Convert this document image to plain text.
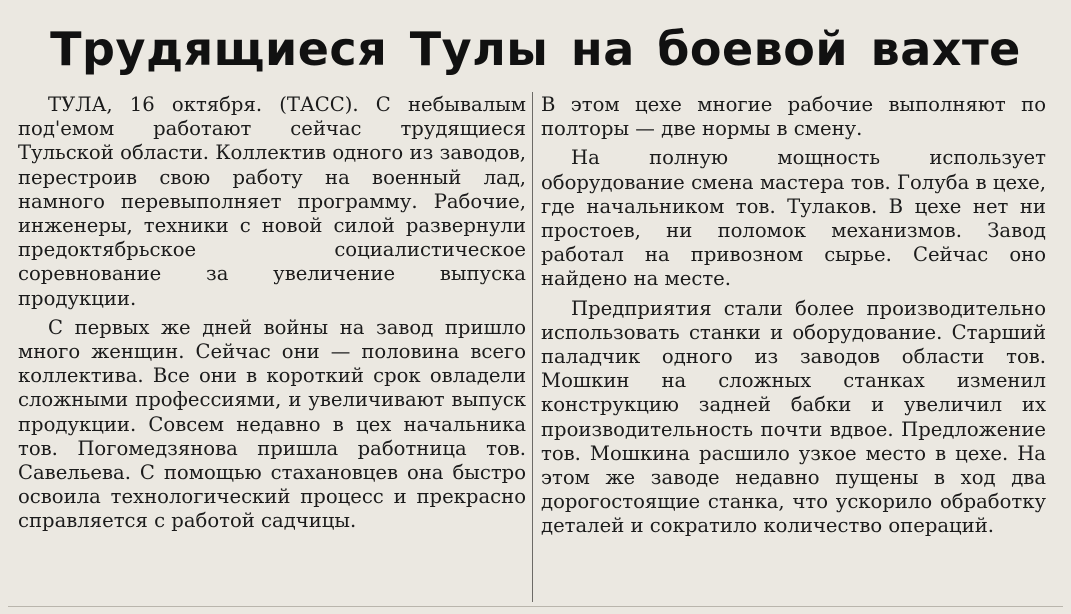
Трудящиеся Тулы на боевой вахте

ТУЛА, 16 октября. (ТАСС). С небывалым под'емом работают сейчас трудящиеся Тульской области. Коллектив одного из заводов, перестроив свою работу на военный лад, намного перевыполняет программу. Рабочие, инженеры, техники с новой силой развернули предоктябрьское социалистическое соревнование за увеличение выпуска продукции.

С первых же дней войны на завод пришло много женщин. Сейчас они — половина всего коллектива. Все они в короткий срок овладели сложными профессиями, и увеличивают выпуск продукции. Совсем недавно в цех начальника тов. Погомедзянова пришла работница тов. Савельева. С помощью стахановцев она быстро освоила технологический процесс и прекрасно справляется с работой садчицы.

В этом цехе многие рабочие выполняют по полторы — две нормы в смену.

На полную мощность использует оборудование смена мастера тов. Голуба в цехе, где начальником тов. Тулаков. В цехе нет ни простоев, ни поломок механизмов. Завод работал на привозном сырье. Сейчас оно найдено на месте.

Предприятия стали более производительно использовать станки и оборудование. Старший паладчик одного из заводов области тов. Мошкин на сложных станках изменил конструкцию задней бабки и увеличил их производительность почти вдвое. Предложение тов. Мошкина расшило узкое место в цехе. На этом же заводе недавно пущены в ход два дорогостоящие станка, что ускорило обработку деталей и сократило количество операций.
